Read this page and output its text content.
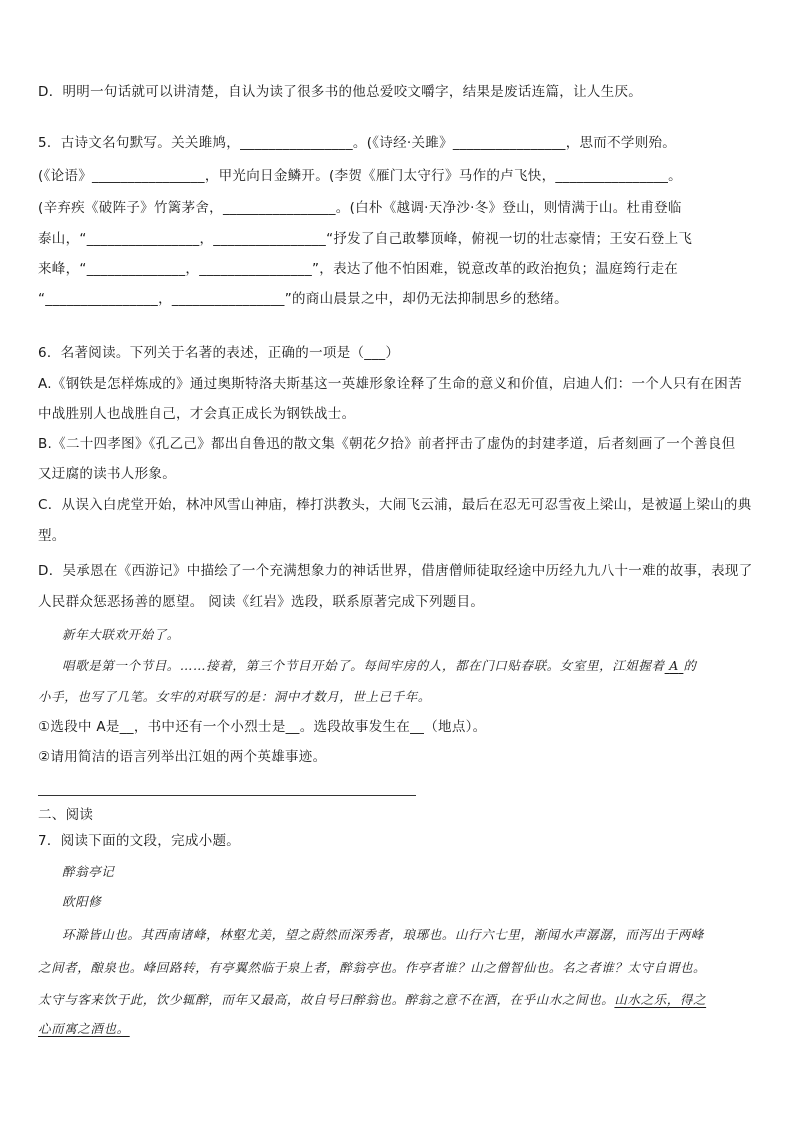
D．明明一句话就可以讲清楚，自认为读了很多书的他总爱咬文嚼字，结果是废话连篇，让人生厌。
5．古诗文名句默写。关关雎鸠，________________。(《诗经·关雎》________________，思而不学则殆。
(《论语》________________，甲光向日金鳞开。(李贺《雁门太守行》马作的卢飞快，________________。
(辛弃疾《破阵子》竹篱茅舍，________________。(白朴《越调·天净沙·冬》登山，则情满于山。杜甫登临
泰山，“________________，________________“抒发了自己敢攀顶峰，俯视一切的壮志豪情；王安石登上飞
来峰，“______________，________________”，表达了他不怕困难，锐意改革的政治抱负；温庭筠行走在
“________________，________________”的商山晨景之中，却仍无法抑制思乡的愁绪。
6．名著阅读。下列关于名著的表述，正确的一项是（___）
A.《钢铁是怎样炼成的》通过奥斯特洛夫斯基这一英雄形象诠释了生命的意义和价值，启迪人们：一个人只有在困苦
中战胜别人也战胜自己，才会真正成长为钢铁战士。
B.《二十四孝图》《孔乙己》都出自鲁迅的散文集《朝花夕拾》前者抨击了虚伪的封建孝道，后者刻画了一个善良但
又迂腐的读书人形象。
C．从误入白虎堂开始，林冲风雪山神庙，棒打洪教头，大闹飞云浦，最后在忍无可忍雪夜上梁山，是被逼上梁山的典
型。
D．吴承恩在《西游记》中描绘了一个充满想象力的神话世界，借唐僧师徒取经途中历经九九八十一难的故事，表现了
人民群众惩恶扬善的愿望。 阅读《红岩》选段，联系原著完成下列题目。
新年大联欢开始了。
唱歌是第一个节目。……接着，第三个节目开始了。每间牢房的人，都在门口贴春联。女室里，江姐握着 A 的
小手，也写了几笔。女牢的对联写的是：洞中才数月，世上已千年。
①选段中 A是__，书中还有一个小烈士是__。选段故事发生在__（地点）。
②请用简洁的语言列举出江姐的两个英雄事迹。
二、阅读
7．阅读下面的文段，完成小题。
醉翁亭记
欧阳修
环滁皆山也。其西南诸峰，林壑尤美，望之蔚然而深秀者，琅琊也。山行六七里，渐闻水声潺潺，而泻出于两峰
之间者，酿泉也。峰回路转，有亭翼然临于泉上者，醉翁亭也。作亭者谁？山之僧智仙也。名之者谁？太守自谓也。
太守与客来饮于此，饮少辄醉，而年又最高，故自号曰醉翁也。醉翁之意不在酒，在乎山水之间也。山水之乐，得之
心而寓之酒也。
